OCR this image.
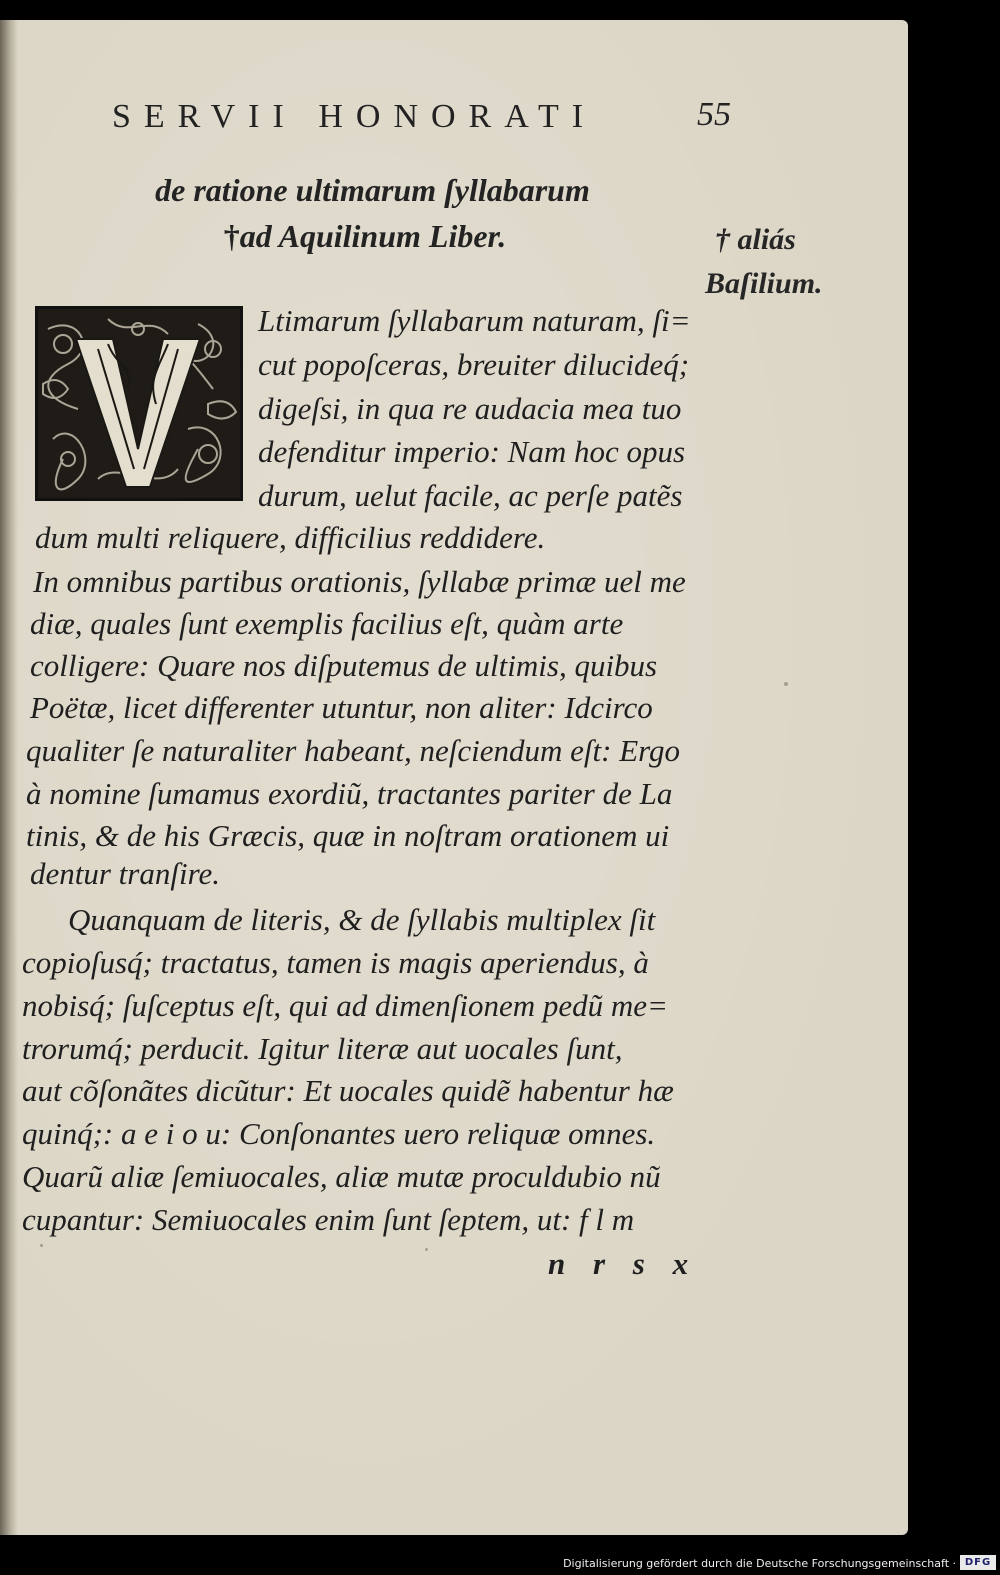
SERVII HONORATI	55
de ratione ultimarum ſyllabarum
†ad Aquilinum Liber.	† aliás
Baſilium.
Ltimarum ſyllabarum naturam, ſi=
cut popoſceras, breuiter dilucideq́;
digeſsi, in qua re audacia mea tuo
defenditur imperio: Nam hoc opus
durum, uelut facile, ac perſe patẽs
dum multi reliquere, difficilius reddidere.
In omnibus partibus orationis, ſyllabæ primæ uel me
diæ, quales ſunt exemplis facilius eſt, quàm arte
colligere: Quare nos diſputemus de ultimis, quibus
Poëtæ, licet differenter utuntur, non aliter: Idcirco
qualiter ſe naturaliter habeant, neſciendum eſt: Ergo
à nomine ſumamus exordiũ, tractantes pariter de La
tinis, & de his Græcis, quæ in noſtram orationem ui
dentur tranſire.
Quanquam de literis, & de ſyllabis multiplex ſit
copioſusq́; tractatus, tamen is magis aperiendus, à
nobisq́; ſuſceptus eſt, qui ad dimenſionem pedũ me=
trorumq́; perducit. Igitur literæ aut uocales ſunt,
aut cõſonãtes dicũtur: Et uocales quidẽ habentur hæ
quinq́;: a e i o u: Conſonantes uero reliquæ omnes.
Quarũ aliæ ſemiuocales, aliæ mutæ proculdubio nũ
cupantur: Semiuocales enim ſunt ſeptem, ut: f l m
n r s x
Digitalisierung gefördert durch die Deutsche Forschungsgemeinschaft · DFG
